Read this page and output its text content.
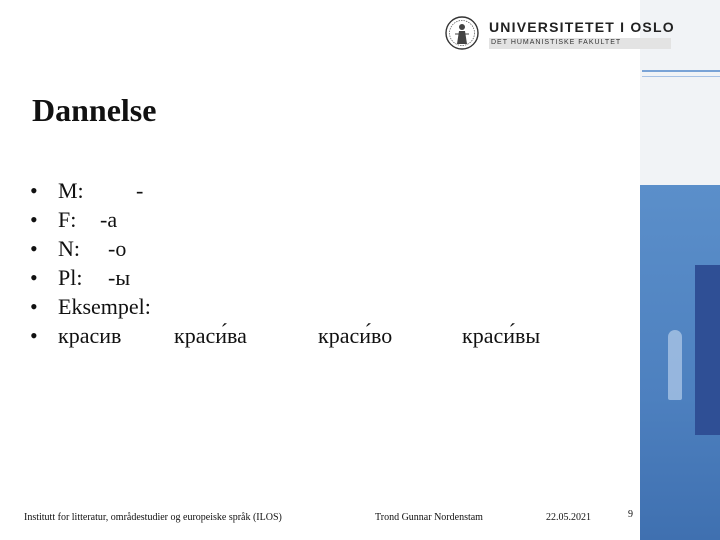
UNIVERSITETET I OSLO
DET HUMANISTISKE FAKULTET
Dannelse
• M: -
• F: -а
• N: -о
• Pl: -ы
• Eksempel:
• красив краси́ва	краси́во	краси́вы
Institutt for litteratur, områdestudier og europeiske språk (ILOS)	Trond Gunnar Nordenstam	22.05.2021	9
